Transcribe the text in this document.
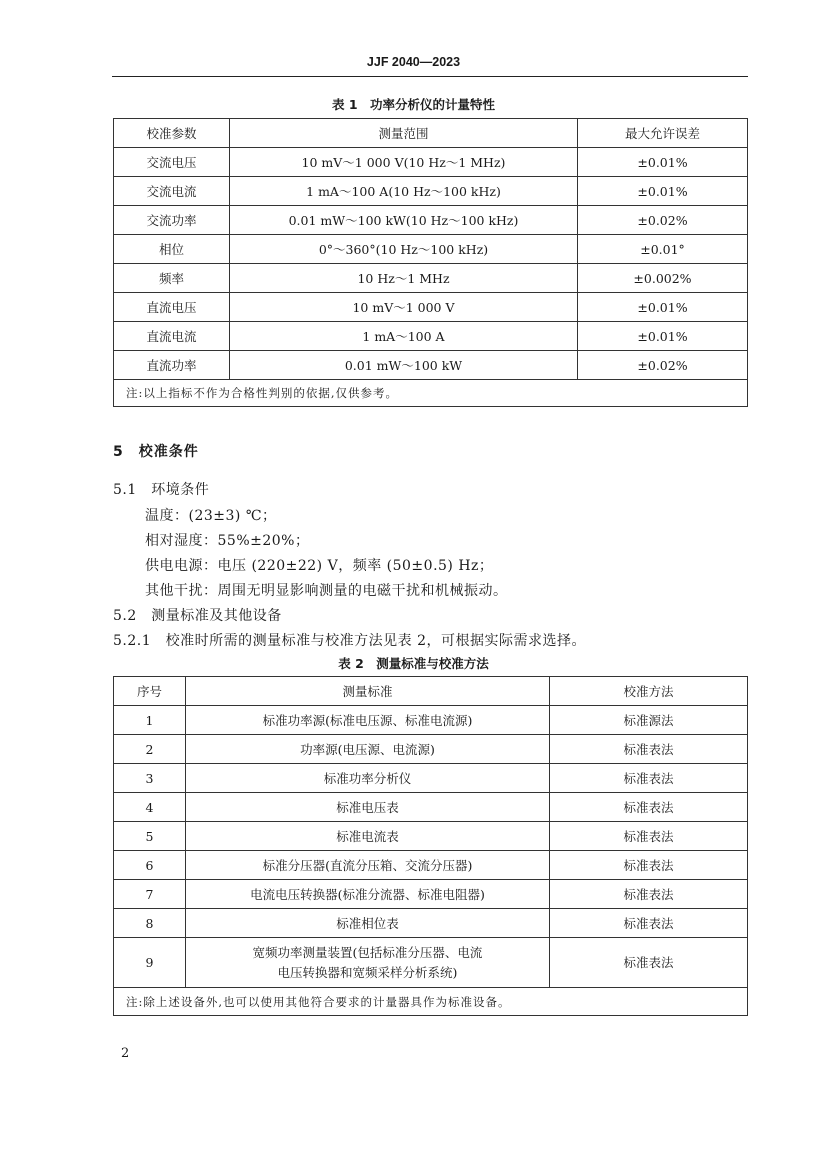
JJF 2040—2023
表 1　功率分析仪的计量特性
校准参数	测量范围	最大允许误差
交流电压	10 mV～1 000 V(10 Hz～1 MHz)	±0.01%
交流电流	1 mA～100 A(10 Hz～100 kHz)	±0.01%
交流功率	0.01 mW～100 kW(10 Hz～100 kHz)	±0.02%
相位	0°～360°(10 Hz～100 kHz)	±0.01°
频率	10 Hz～1 MHz	±0.002%
直流电压	10 mV～1 000 V	±0.01%
直流电流	1 mA～100 A	±0.01%
直流功率	0.01 mW～100 kW	±0.02%
注:以上指标不作为合格性判别的依据,仅供参考。		
5　校准条件
5.1　环境条件
温度：(23±3) ℃；
相对湿度：55%±20%；
供电电源：电压 (220±22) V，频率 (50±0.5) Hz；
其他干扰：周围无明显影响测量的电磁干扰和机械振动。
5.2　测量标准及其他设备
5.2.1　校准时所需的测量标准与校准方法见表 2，可根据实际需求选择。
表 2　测量标准与校准方法
序号	测量标准	校准方法
1	标准功率源(标准电压源、标准电流源)	标准源法
2	功率源(电压源、电流源)	标准表法
3	标准功率分析仪	标准表法
4	标准电压表	标准表法
5	标准电流表	标准表法
6	标准分压器(直流分压箱、交流分压器)	标准表法
7	电流电压转换器(标准分流器、标准电阻器)	标准表法
8	标准相位表	标准表法
9	宽频功率测量装置(包括标准分压器、电流
电压转换器和宽频采样分析系统)	标准表法
注:除上述设备外,也可以使用其他符合要求的计量器具作为标准设备。		
2
